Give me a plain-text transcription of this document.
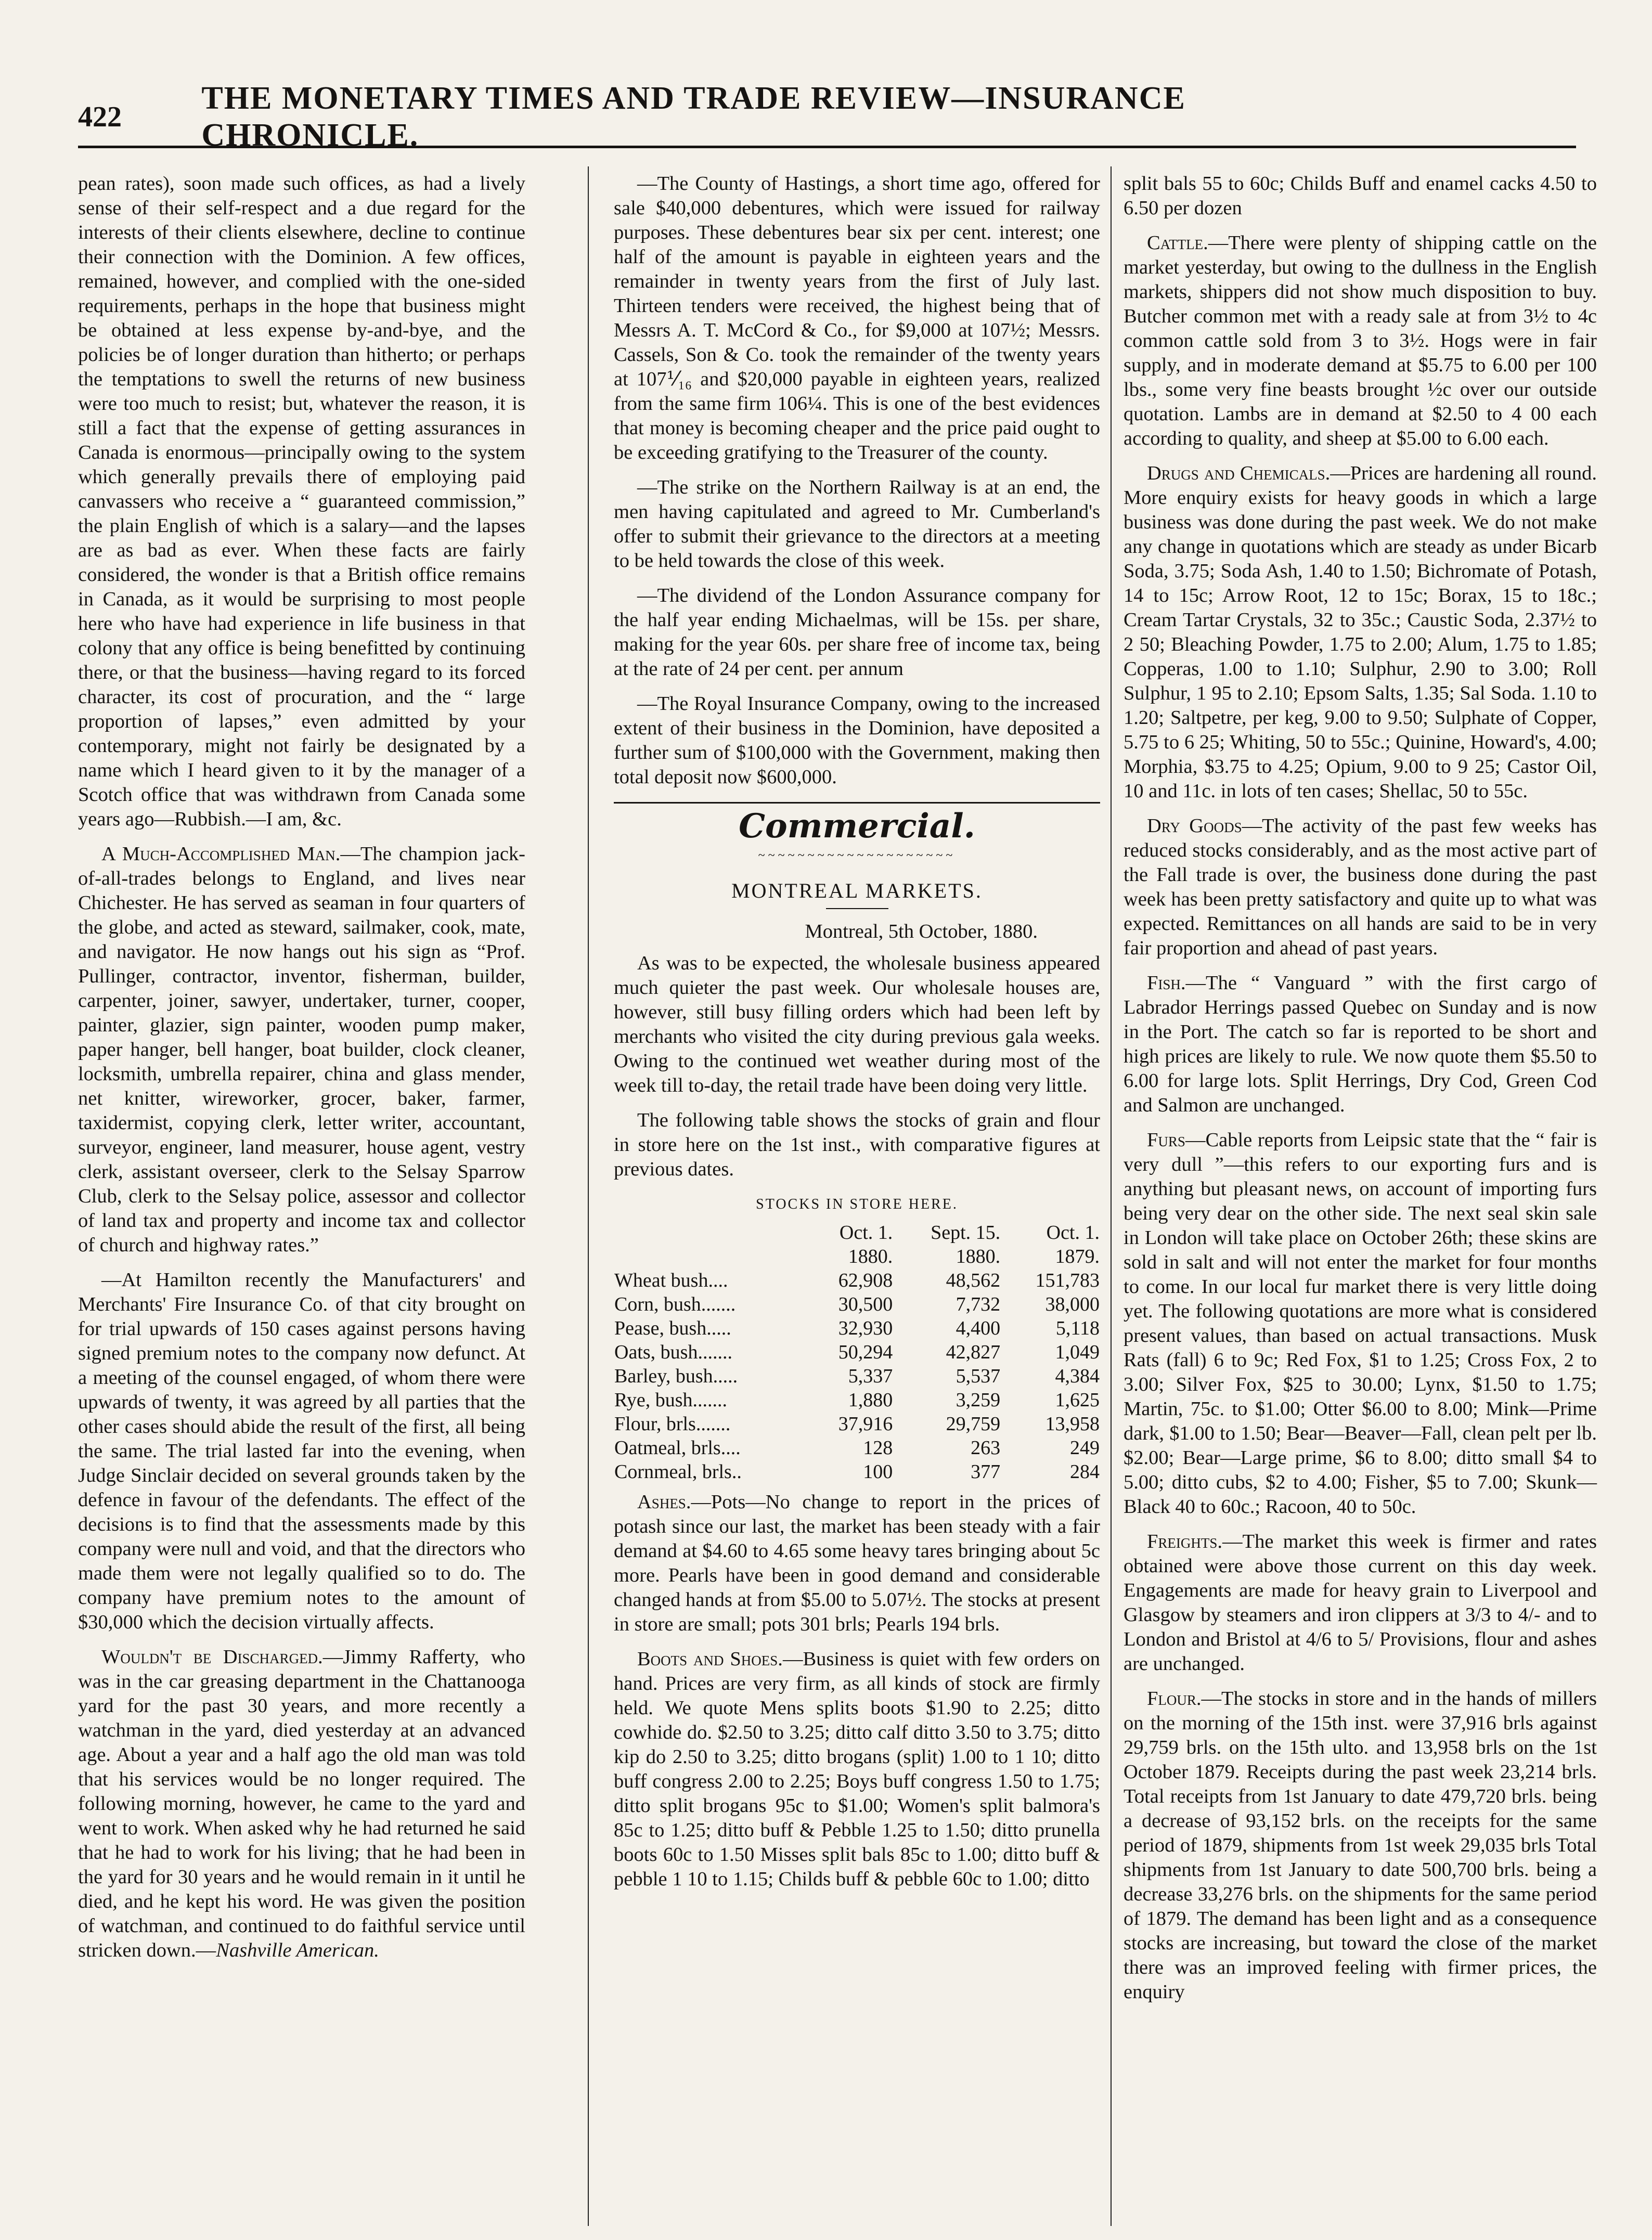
422
THE MONETARY TIMES AND TRADE REVIEW—INSURANCE CHRONICLE.

pean rates), soon made such offices, as had a lively sense of their self-respect and a due regard for the interests of their clients elsewhere, decline to continue their connection with the Dominion. A few offices, remained, however, and complied with the one-sided requirements, perhaps in the hope that business might be obtained at less expense by-and-bye, and the policies be of longer duration than hitherto; or perhaps the temptations to swell the returns of new business were too much to resist; but, whatever the reason, it is still a fact that the expense of getting assurances in Canada is enormous—principally owing to the system which generally prevails there of employing paid canvassers who receive a “ guaranteed commission,” the plain English of which is a salary—and the lapses are as bad as ever. When these facts are fairly considered, the wonder is that a British office remains in Canada, as it would be surprising to most people here who have had experience in life business in that colony that any office is being benefitted by continuing there, or that the business—having regard to its forced character, its cost of procuration, and the “ large proportion of lapses,” even admitted by your contemporary, might not fairly be designated by a name which I heard given to it by the manager of a Scotch office that was withdrawn from Canada some years ago—Rubbish.—I am, &c.

A Much-Accomplished Man.—The champion jack-of-all-trades belongs to England, and lives near Chichester. He has served as seaman in four quarters of the globe, and acted as steward, sailmaker, cook, mate, and navigator. He now hangs out his sign as “Prof. Pullinger, contractor, inventor, fisherman, builder, carpenter, joiner, sawyer, undertaker, turner, cooper, painter, glazier, sign painter, wooden pump maker, paper hanger, bell hanger, boat builder, clock cleaner, locksmith, umbrella repairer, china and glass mender, net knitter, wireworker, grocer, baker, farmer, taxidermist, copying clerk, letter writer, accountant, surveyor, engineer, land measurer, house agent, vestry clerk, assistant overseer, clerk to the Selsay Sparrow Club, clerk to the Selsay police, assessor and collector of land tax and property and income tax and collector of church and highway rates.”

—At Hamilton recently the Manufacturers' and Merchants' Fire Insurance Co. of that city brought on for trial upwards of 150 cases against persons having signed premium notes to the company now defunct. At a meeting of the counsel engaged, of whom there were upwards of twenty, it was agreed by all parties that the other cases should abide the result of the first, all being the same. The trial lasted far into the evening, when Judge Sinclair decided on several grounds taken by the defence in favour of the defendants. The effect of the decisions is to find that the assessments made by this company were null and void, and that the directors who made them were not legally qualified so to do. The company have premium notes to the amount of $30,000 which the decision virtually affects.

Wouldn't be Discharged.—Jimmy Rafferty, who was in the car greasing department in the Chattanooga yard for the past 30 years, and more recently a watchman in the yard, died yesterday at an advanced age. About a year and a half ago the old man was told that his services would be no longer required. The following morning, however, he came to the yard and went to work. When asked why he had returned he said that he had to work for his living; that he had been in the yard for 30 years and he would remain in it until he died, and he kept his word. He was given the position of watchman, and continued to do faithful service until stricken down.—Nashville American.

—The County of Hastings, a short time ago, offered for sale $40,000 debentures, which were issued for railway purposes. These debentures bear six per cent. interest; one half of the amount is payable in eighteen years and the remainder in twenty years from the first of July last. Thirteen tenders were received, the highest being that of Messrs A. T. McCord & Co., for $9,000 at 107½; Messrs. Cassels, Son & Co. took the remainder of the twenty years at 107⅟₁₆ and $20,000 payable in eighteen years, realized from the same firm 106¼. This is one of the best evidences that money is becoming cheaper and the price paid ought to be exceeding gratifying to the Treasurer of the county.

—The strike on the Northern Railway is at an end, the men having capitulated and agreed to Mr. Cumberland's offer to submit their grievance to the directors at a meeting to be held towards the close of this week.

—The dividend of the London Assurance company for the half year ending Michaelmas, will be 15s. per share, making for the year 60s. per share free of income tax, being at the rate of 24 per cent. per annum

—The Royal Insurance Company, owing to the increased extent of their business in the Dominion, have deposited a further sum of $100,000 with the Government, making then total deposit now $600,000.

Commercial.
~~~~~~~~~~~~~~~~~~~~
MONTREAL MARKETS.
Montreal, 5th October, 1880.

As was to be expected, the wholesale business appeared much quieter the past week. Our wholesale houses are, however, still busy filling orders which had been left by merchants who visited the city during previous gala weeks. Owing to the continued wet weather during most of the week till to-day, the retail trade have been doing very little.

The following table shows the stocks of grain and flour in store here on the 1st inst., with comparative figures at previous dates.

STOCKS IN STORE HERE.
	Oct. 1.	Sept. 15.	Oct. 1.
	1880.	1880.	1879.
Wheat bush....	62,908	48,562	151,783
Corn, bush.......	30,500	7,732	38,000
Pease, bush.....	32,930	4,400	5,118
Oats, bush.......	50,294	42,827	1,049
Barley, bush.....	5,337	5,537	4,384
Rye, bush.......	1,880	3,259	1,625
Flour, brls.......	37,916	29,759	13,958
Oatmeal, brls....	128	263	249
Cornmeal, brls..	100	377	284

Ashes.—Pots—No change to report in the prices of potash since our last, the market has been steady with a fair demand at $4.60 to 4.65 some heavy tares bringing about 5c more. Pearls have been in good demand and considerable changed hands at from $5.00 to 5.07½. The stocks at present in store are small; pots 301 brls; Pearls 194 brls.

Boots and Shoes.—Business is quiet with few orders on hand. Prices are very firm, as all kinds of stock are firmly held. We quote Mens splits boots $1.90 to 2.25; ditto cowhide do. $2.50 to 3.25; ditto calf ditto 3.50 to 3.75; ditto kip do 2.50 to 3.25; ditto brogans (split) 1.00 to 1 10; ditto buff congress 2.00 to 2.25; Boys buff congress 1.50 to 1.75; ditto split brogans 95c to $1.00; Women's split balmora's 85c to 1.25; ditto buff & Pebble 1.25 to 1.50; ditto prunella boots 60c to 1.50 Misses split bals 85c to 1.00; ditto buff & pebble 1 10 to 1.15; Childs buff & pebble 60c to 1.00; ditto

split bals 55 to 60c; Childs Buff and enamel cacks 4.50 to 6.50 per dozen

Cattle.—There were plenty of shipping cattle on the market yesterday, but owing to the dullness in the English markets, shippers did not show much disposition to buy. Butcher common met with a ready sale at from 3½ to 4c common cattle sold from 3 to 3½. Hogs were in fair supply, and in moderate demand at $5.75 to 6.00 per 100 lbs., some very fine beasts brought ½c over our outside quotation. Lambs are in demand at $2.50 to 4 00 each according to quality, and sheep at $5.00 to 6.00 each.

Drugs and Chemicals.—Prices are hardening all round. More enquiry exists for heavy goods in which a large business was done during the past week. We do not make any change in quotations which are steady as under Bicarb Soda, 3.75; Soda Ash, 1.40 to 1.50; Bichromate of Potash, 14 to 15c; Arrow Root, 12 to 15c; Borax, 15 to 18c.; Cream Tartar Crystals, 32 to 35c.; Caustic Soda, 2.37½ to 2 50; Bleaching Powder, 1.75 to 2.00; Alum, 1.75 to 1.85; Copperas, 1.00 to 1.10; Sulphur, 2.90 to 3.00; Roll Sulphur, 1 95 to 2.10; Epsom Salts, 1.35; Sal Soda. 1.10 to 1.20; Saltpetre, per keg, 9.00 to 9.50; Sulphate of Copper, 5.75 to 6 25; Whiting, 50 to 55c.; Quinine, Howard's, 4.00; Morphia, $3.75 to 4.25; Opium, 9.00 to 9 25; Castor Oil, 10 and 11c. in lots of ten cases; Shellac, 50 to 55c.

Dry Goods—The activity of the past few weeks has reduced stocks considerably, and as the most active part of the Fall trade is over, the business done during the past week has been pretty satisfactory and quite up to what was expected. Remittances on all hands are said to be in very fair proportion and ahead of past years.

Fish.—The “ Vanguard ” with the first cargo of Labrador Herrings passed Quebec on Sunday and is now in the Port. The catch so far is reported to be short and high prices are likely to rule. We now quote them $5.50 to 6.00 for large lots. Split Herrings, Dry Cod, Green Cod and Salmon are unchanged.

Furs—Cable reports from Leipsic state that the “ fair is very dull ”—this refers to our exporting furs and is anything but pleasant news, on account of importing furs being very dear on the other side. The next seal skin sale in London will take place on October 26th; these skins are sold in salt and will not enter the market for four months to come. In our local fur market there is very little doing yet. The following quotations are more what is considered present values, than based on actual transactions. Musk Rats (fall) 6 to 9c; Red Fox, $1 to 1.25; Cross Fox, 2 to 3.00; Silver Fox, $25 to 30.00; Lynx, $1.50 to 1.75; Martin, 75c. to $1.00; Otter $6.00 to 8.00; Mink—Prime dark, $1.00 to 1.50; Bear—Beaver—Fall, clean pelt per lb. $2.00; Bear—Large prime, $6 to 8.00; ditto small $4 to 5.00; ditto cubs, $2 to 4.00; Fisher, $5 to 7.00; Skunk—Black 40 to 60c.; Racoon, 40 to 50c.

Freights.—The market this week is firmer and rates obtained were above those current on this day week. Engagements are made for heavy grain to Liverpool and Glasgow by steamers and iron clippers at 3/3 to 4/- and to London and Bristol at 4/6 to 5/ Provisions, flour and ashes are unchanged.

Flour.—The stocks in store and in the hands of millers on the morning of the 15th inst. were 37,916 brls against 29,759 brls. on the 15th ulto. and 13,958 brls on the 1st October 1879. Receipts during the past week 23,214 brls. Total receipts from 1st January to date 479,720 brls. being a decrease of 93,152 brls. on the receipts for the same period of 1879, shipments from 1st week 29,035 brls Total shipments from 1st January to date 500,700 brls. being a decrease 33,276 brls. on the shipments for the same period of 1879. The demand has been light and as a consequence stocks are increasing, but toward the close of the market there was an improved feeling with firmer prices, the enquiry
